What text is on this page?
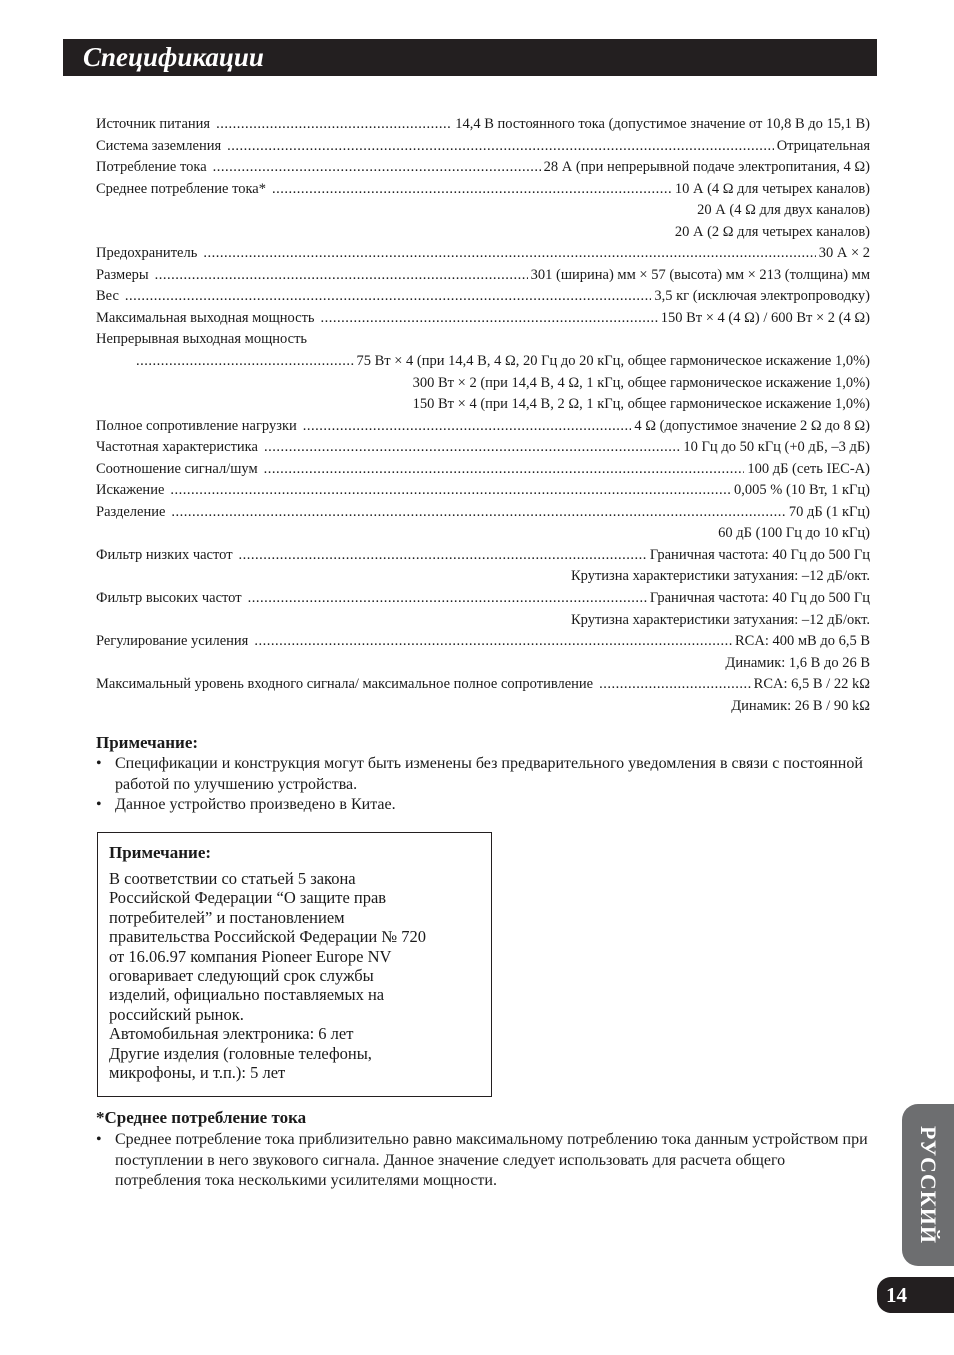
Спецификации
Источник питания .....	14,4 В постоянного тока (допустимое значение от 10,8 В до 15,1 В)
Система заземления .....	Отрицательная
Потребление тока .....	28 А (при непрерывной подаче электропитания, 4 Ω)
Среднее потребление тока* .....	10 А (4 Ω для четырех каналов)
20 А (4 Ω для двух каналов)
20 А (2 Ω для четырех каналов)
Предохранитель .....	30 А × 2
Размеры .....	301 (ширина) мм × 57 (высота) мм × 213 (толщина) мм
Вес .....	3,5 кг (исключая электропроводку)
Максимальная выходная мощность .....	150 Вт × 4 (4 Ω) / 600 Вт × 2 (4 Ω)
Непрерывная выходная мощность
.....
75 Вт × 4 (при 14,4 В, 4 Ω, 20 Гц до 20 кГц, общее гармоническое искажение 1,0%)
300 Вт × 2 (при 14,4 В, 4 Ω, 1 кГц, общее гармоническое искажение 1,0%)
150 Вт × 4 (при 14,4 В, 2 Ω, 1 кГц, общее гармоническое искажение 1,0%)
Полное сопротивление нагрузки .....	4 Ω (допустимое значение 2 Ω до 8 Ω)
Частотная характеристика .....	10 Гц до 50 кГц (+0 дБ, –3 дБ)
Соотношение сигнал/шум .....	100 дБ (сеть IEC-A)
Искажение .....	0,005 % (10 Вт, 1 кГц)
Разделение .....	70 дБ (1 кГц)
60 дБ (100 Гц до 10 кГц)
Фильтр низких частот .....	Граничная частота: 40 Гц до 500 Гц
Крутизна характеристики затухания: –12 дБ/окт.
Фильтр высоких частот .....	Граничная частота: 40 Гц до 500 Гц
Крутизна характеристики затухания: –12 дБ/окт.
Регулирование усиления .....	RCA: 400 мВ до 6,5 В
Динамик: 1,6 В до 26 В
Максимальный уровень входного сигнала/ максимальное полное сопротивление .....	RCA: 6,5 В / 22 kΩ
Динамик: 26 В / 90 kΩ
Примечание:
• Спецификации и конструкция могут быть изменены без предварительного уведомления в связи с постоянной работой по улучшению устройства.
• Данное устройство произведено в Китае.
Примечание:
В соответствии со статьей 5 закона
Российской Федерации “О защите прав
потребителей” и постановлением
правительства Российской Федерации № 720
от 16.06.97 компания Pioneer Europe NV
оговаривает следующий срок службы
изделий, официально поставляемых на
российский рынок.
Автомобильная электроника: 6 лет
Другие изделия (головные телефоны,
микрофоны, и т.п.): 5 лет
*Среднее потребление тока
• Среднее потребление тока приблизительно равно максимальному потреблению тока данным устройством при поступлении в него звукового сигнала. Данное значение следует использовать для расчета общего потребления тока несколькими усилителями мощности.	РУССКИЙ
14
